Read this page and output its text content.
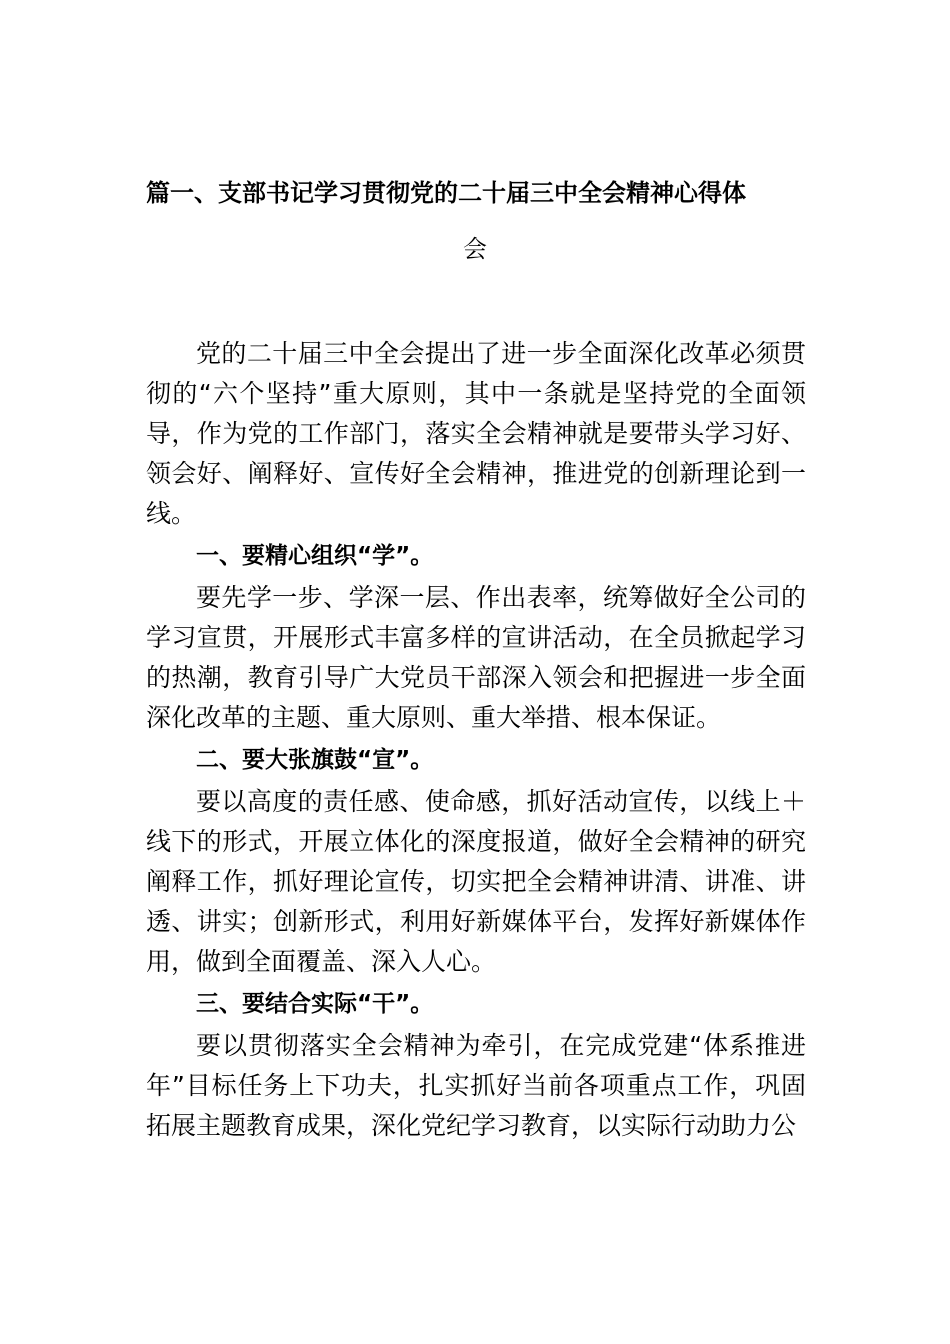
篇一、支部书记学习贯彻党的二十届三中全会精神心得体
会

党的二十届三中全会提出了进一步全面深化改革必须贯彻的“六个坚持”重大原则，其中一条就是坚持党的全面领导，作为党的工作部门，落实全会精神就是要带头学习好、领会好、阐释好、宣传好全会精神，推进党的创新理论到一线。

一、要精心组织“学”。

要先学一步、学深一层、作出表率，统筹做好全公司的学习宣贯，开展形式丰富多样的宣讲活动，在全员掀起学习的热潮，教育引导广大党员干部深入领会和把握进一步全面深化改革的主题、重大原则、重大举措、根本保证。

二、要大张旗鼓“宣”。

要以高度的责任感、使命感，抓好活动宣传，以线上＋线下的形式，开展立体化的深度报道，做好全会精神的研究阐释工作，抓好理论宣传，切实把全会精神讲清、讲准、讲透、讲实；创新形式，利用好新媒体平台，发挥好新媒体作用，做到全面覆盖、深入人心。

三、要结合实际“干”。

要以贯彻落实全会精神为牵引，在完成党建“体系推进年”目标任务上下功夫，扎实抓好当前各项重点工作，巩固拓展主题教育成果，深化党纪学习教育，以实际行动助力公
